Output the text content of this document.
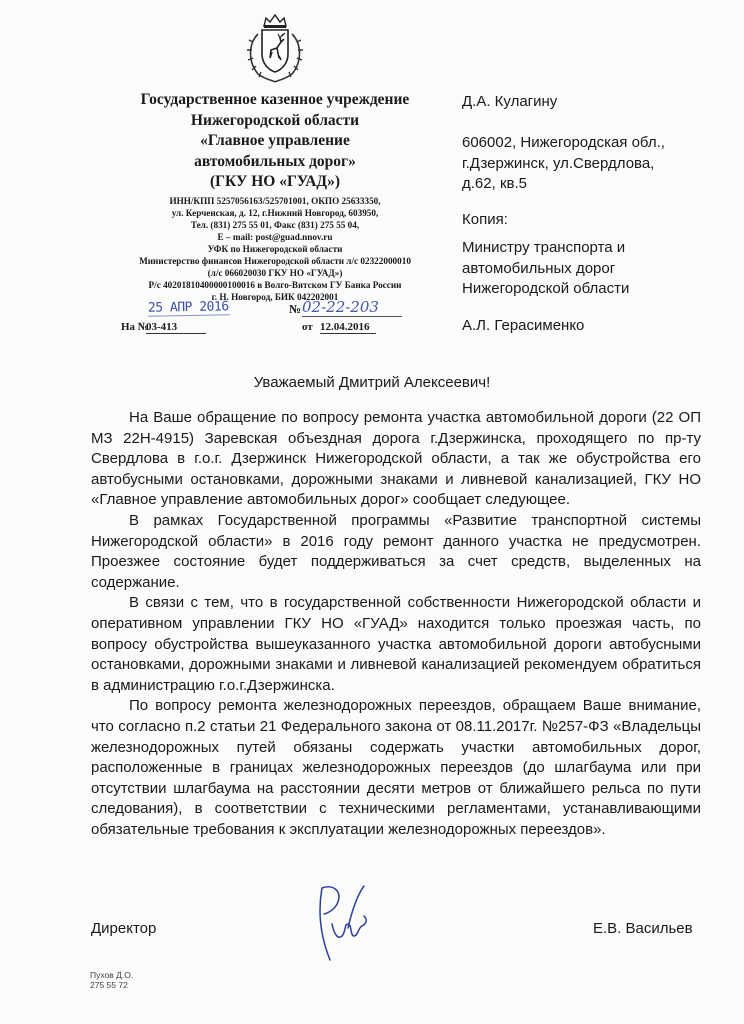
Государственное казенное учреждение
Нижегородской области
«Главное управление
автомобильных дорог»
(ГКУ НО «ГУАД»)
ИНН/КПП 5257056163/525701001, ОКПО 25633350,
ул. Керченская, д. 12, г.Нижний Новгород, 603950,
Тел. (831) 275 55 01, Факс (831) 275 55 04,
E – mail: post@guad.nnov.ru
УФК по Нижегородской области
Министерство финансов Нижегородской области л/с 02322000010
(л/с 066020030 ГКУ НО «ГУАД»)
Р/с 40201810400000100016 в Волго-Вятском ГУ Банка России
г. Н. Новгород, БИК 042202001
25 АПР 2016	№ 02-22-203
На №
03-413	от 12.04.2016
Д.А. Кулагину
606002, Нижегородская обл.,
г.Дзержинск, ул.Свердлова,
д.62, кв.5
Копия:
Министру транспорта и
автомобильных дорог
Нижегородской области
А.Л. Герасименко
Уважаемый Дмитрий Алексеевич!

На Ваше обращение по вопросу ремонта участка автомобильной дороги (22 ОП МЗ 22Н-4915) Заревская объездная дорога г.Дзержинска, проходящего по пр-ту Свердлова в г.о.г. Дзержинск Нижегородской области, а так же обустройства его автобусными остановками, дорожными знаками и ливневой канализацией, ГКУ НО «Главное управление автомобильных дорог» сообщает следующее.

В рамках Государственной программы «Развитие транспортной системы Нижегородской области» в 2016 году ремонт данного участка не предусмотрен. Проезжее состояние будет поддерживаться за счет средств, выделенных на содержание.

В связи с тем, что в государственной собственности Нижегородской области и оперативном управлении ГКУ НО «ГУАД» находится только проезжая часть, по вопросу обустройства вышеуказанного участка автомобильной дороги автобусными остановками, дорожными знаками и ливневой канализацией рекомендуем обратиться в администрацию г.о.г.Дзержинска.

По вопросу ремонта железнодорожных переездов, обращаем Ваше внимание, что согласно п.2 статьи 21 Федерального закона от 08.11.2017г. №257-ФЗ «Владельцы железнодорожных путей обязаны содержать участки автомобильных дорог, расположенные в границах железнодорожных переездов (до шлагбаума или при отсутствии шлагбаума на расстоянии десяти метров от ближайшего рельса по пути следования), в соответствии с техническими регламентами, устанавливающими обязательные требования к эксплуатации железнодорожных переездов».

Директор	Е.В. Васильев
Пухов Д.О.
275 55 72
